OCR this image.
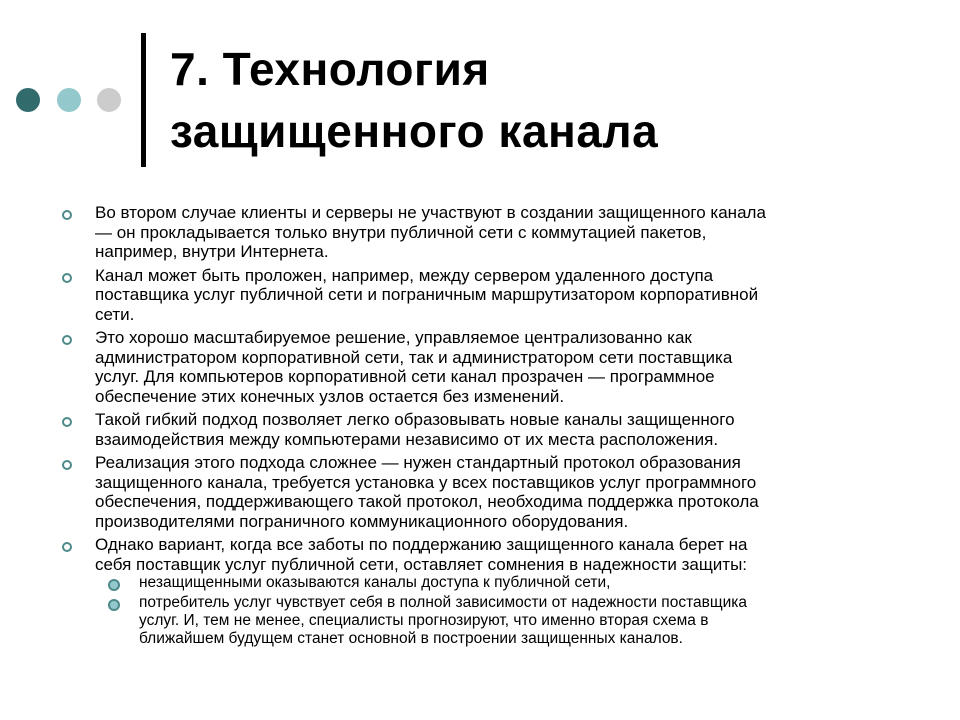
7. Технология
защищенного канала
Во втором случае клиенты и серверы не участвуют в создании защищенного канала
— он прокладывается только внутри публичной сети с коммутацией пакетов,
например, внутри Интернета.
Канал может быть проложен, например, между сервером удаленного доступа
поставщика услуг публичной сети и пограничным маршрутизатором корпоративной
сети.
Это хорошо масштабируемое решение, управляемое централизованно как
администратором корпоративной сети, так и администратором сети поставщика
услуг. Для компьютеров корпоративной сети канал прозрачен — программное
обеспечение этих конечных узлов остается без изменений.
Такой гибкий подход позволяет легко образовывать новые каналы защищенного
взаимодействия между компьютерами независимо от их места расположения.
Реализация этого подхода сложнее — нужен стандартный протокол образования
защищенного канала, требуется установка у всех поставщиков услуг программного
обеспечения, поддерживающего такой протокол, необходима поддержка протокола
производителями пограничного коммуникационного оборудования.
Однако вариант, когда все заботы по поддержанию защищенного канала берет на
себя поставщик услуг публичной сети, оставляет сомнения в надежности защиты:
незащищенными оказываются каналы доступа к публичной сети,
потребитель услуг чувствует себя в полной зависимости от надежности поставщика
услуг. И, тем не менее, специалисты прогнозируют, что именно вторая схема в
ближайшем будущем станет основной в построении защищенных каналов.
